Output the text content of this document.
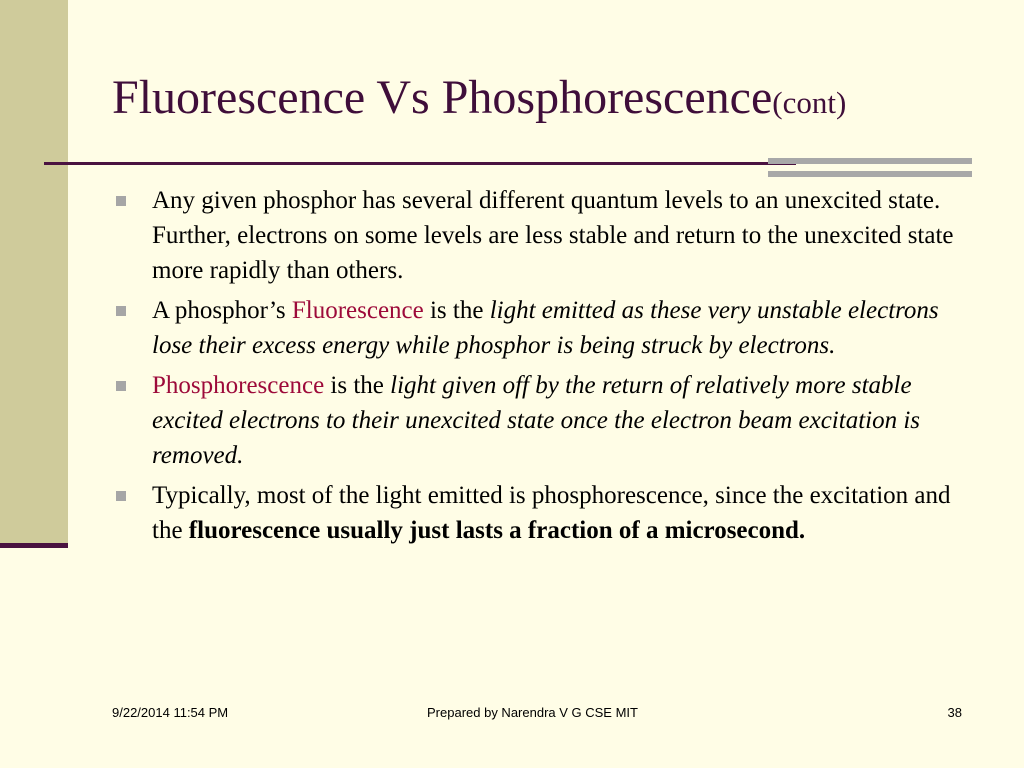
Fluorescence Vs Phosphorescence(cont)
Any given phosphor has several different quantum levels to an unexcited state. Further, electrons on some levels are less stable and return to the unexcited state more rapidly than others.
A phosphor’s Fluorescence is the light emitted as these very unstable electrons lose their excess energy while phosphor is being struck by electrons.
Phosphorescence is the light given off by the return of relatively more stable excited electrons to their unexcited state once the electron beam excitation is removed.
Typically, most of the light emitted is phosphorescence, since the excitation and the fluorescence usually just lasts a fraction of a microsecond.
9/22/2014 11:54 PM	Prepared by Narendra V G CSE MIT	38
